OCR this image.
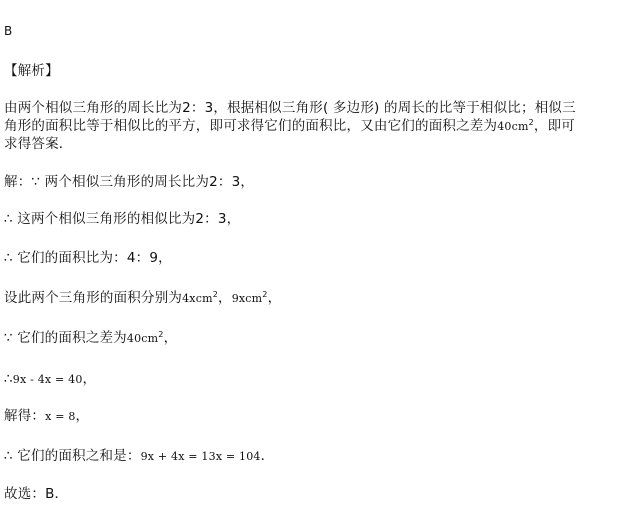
B
【解析】
由两个相似三角形的周长比为2：3，根据相似三角形( 多边形) 的周长的比等于相似比；相似三
角形的面积比等于相似比的平方，即可求得它们的面积比，又由它们的面积之差为$40cm^2$，即可
求得答案．
解：∵ 两个相似三角形的周长比为2：3，
∴ 这两个相似三角形的相似比为2：3，
∴ 它们的面积比为：4：9，
设此两个三角形的面积分别为4xcm$^2$，9xcm$^2$，
∵ 它们的面积之差为$40cm^2$，
∴9x - 4x = 40，
解得：x = 8，
∴ 它们的面积之和是：9x + 4x = 13x = 104．
故选：B．
